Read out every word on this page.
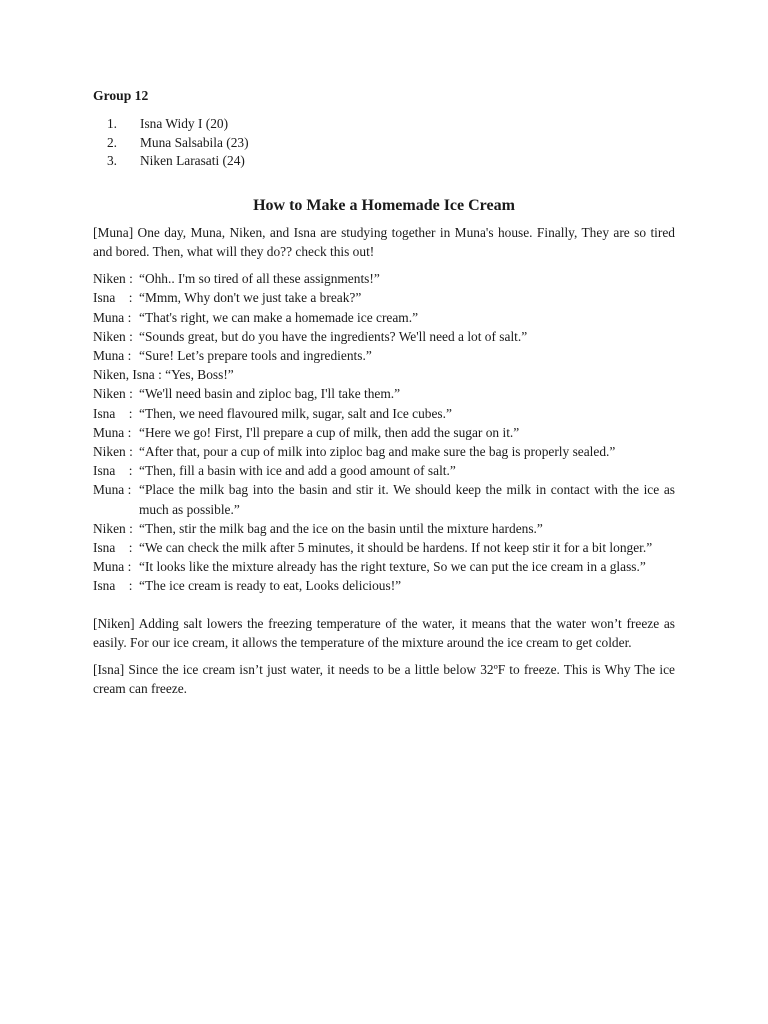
Group 12
1. Isna Widy I (20)
2. Muna Salsabila (23)
3. Niken Larasati (24)
How to Make a Homemade Ice Cream

[Muna] One day, Muna, Niken, and Isna are studying together in Muna's house. Finally, They are so tired and bored. Then, what will they do?? check this out!

Niken : “Ohh.. I'm so tired of all these assignments!”
Isna    : “Mmm, Why don't we just take a break?”
Muna : “That's right, we can make a homemade ice cream.”
Niken : “Sounds great, but do you have the ingredients? We'll need a lot of salt.”
Muna : “Sure! Let’s prepare tools and ingredients.”
Niken, Isna : “Yes, Boss!”
Niken : “We'll need basin and ziploc bag, I'll take them.”
Isna    : “Then, we need flavoured milk, sugar, salt and Ice cubes.”
Muna : “Here we go! First, I'll prepare a cup of milk, then add the sugar on it.”
Niken : “After that, pour a cup of milk into ziploc bag and make sure the bag is properly sealed.”
Isna    : “Then, fill a basin with ice and add a good amount of salt.”
Muna : “Place the milk bag into the basin and stir it. We should keep the milk in contact with the ice as much as possible.”
Niken : “Then, stir the milk bag and the ice on the basin until the mixture hardens.”
Isna    : “We can check the milk after 5 minutes, it should be hardens. If not keep stir it for a bit longer.”
Muna : “It looks like the mixture already has the right texture, So we can put the ice cream in a glass.”
Isna    : “The ice cream is ready to eat, Looks delicious!”

[Niken] Adding salt lowers the freezing temperature of the water, it means that the water won’t freeze as easily. For our ice cream, it allows the temperature of the mixture around the ice cream to get colder.

[Isna] Since the ice cream isn’t just water, it needs to be a little below 32ºF to freeze. This is Why The ice cream can freeze.
